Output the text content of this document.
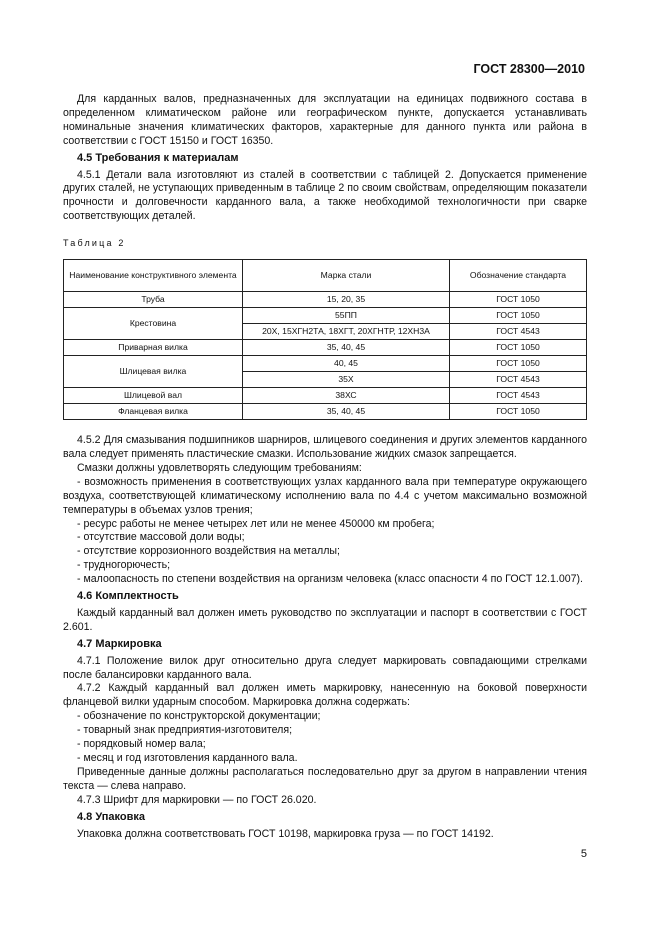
ГОСТ 28300—2010

Для карданных валов, предназначенных для эксплуатации на единицах подвижного состава в определенном климатическом районе или географическом пункте, допускается устанавливать номинальные значения климатических факторов, характерные для данного пункта или района в соответствии с ГОСТ 15150 и ГОСТ 16350.

4.5 Требования к материалам

4.5.1 Детали вала изготовляют из сталей в соответствии с таблицей 2. Допускается применение других сталей, не уступающих приведенным в таблице 2 по своим свойствам, определяющим показатели прочности и долговечности карданного вала, а также необходимой технологичности при сварке соответствующих деталей.

Таблица 2
Наименование конструктивного элемента	Марка стали	Обозначение стандарта
Труба	15, 20, 35	ГОСТ 1050
Крестовина	55ПП	ГОСТ 1050
	20Х, 15ХГН2ТА, 18ХГТ, 20ХГНТР, 12ХН3А	ГОСТ 4543
Приварная вилка	35, 40, 45	ГОСТ 1050
Шлицевая вилка	40, 45	ГОСТ 1050
	35Х	ГОСТ 4543
Шлицевой вал	38ХС	ГОСТ 4543
Фланцевая вилка	35, 40, 45	ГОСТ 1050

4.5.2 Для смазывания подшипников шарниров, шлицевого соединения и других элементов карданного вала следует применять пластические смазки. Использование жидких смазок запрещается.

Смазки должны удовлетворять следующим требованиям:

- возможность применения в соответствующих узлах карданного вала при температуре окружающего воздуха, соответствующей климатическому исполнению вала по 4.4 с учетом максимально возможной температуры в объемах узлов трения;

- ресурс работы не менее четырех лет или не менее 450000 км пробега;

- отсутствие массовой доли воды;

- отсутствие коррозионного воздействия на металлы;

- трудногорючесть;

- малоопасность по степени воздействия на организм человека (класс опасности 4 по ГОСТ 12.1.007).

4.6 Комплектность

Каждый карданный вал должен иметь руководство по эксплуатации и паспорт в соответствии с ГОСТ 2.601.

4.7 Маркировка

4.7.1 Положение вилок друг относительно друга следует маркировать совпадающими стрелками после балансировки карданного вала.

4.7.2 Каждый карданный вал должен иметь маркировку, нанесенную на боковой поверхности фланцевой вилки ударным способом. Маркировка должна содержать:

- обозначение по конструкторской документации;

- товарный знак предприятия-изготовителя;

- порядковый номер вала;

- месяц и год изготовления карданного вала.

Приведенные данные должны располагаться последовательно друг за другом в направлении чтения текста — слева направо.

4.7.3 Шрифт для маркировки — по ГОСТ 26.020.

4.8 Упаковка

Упаковка должна соответствовать ГОСТ 10198, маркировка груза — по ГОСТ 14192.

5
